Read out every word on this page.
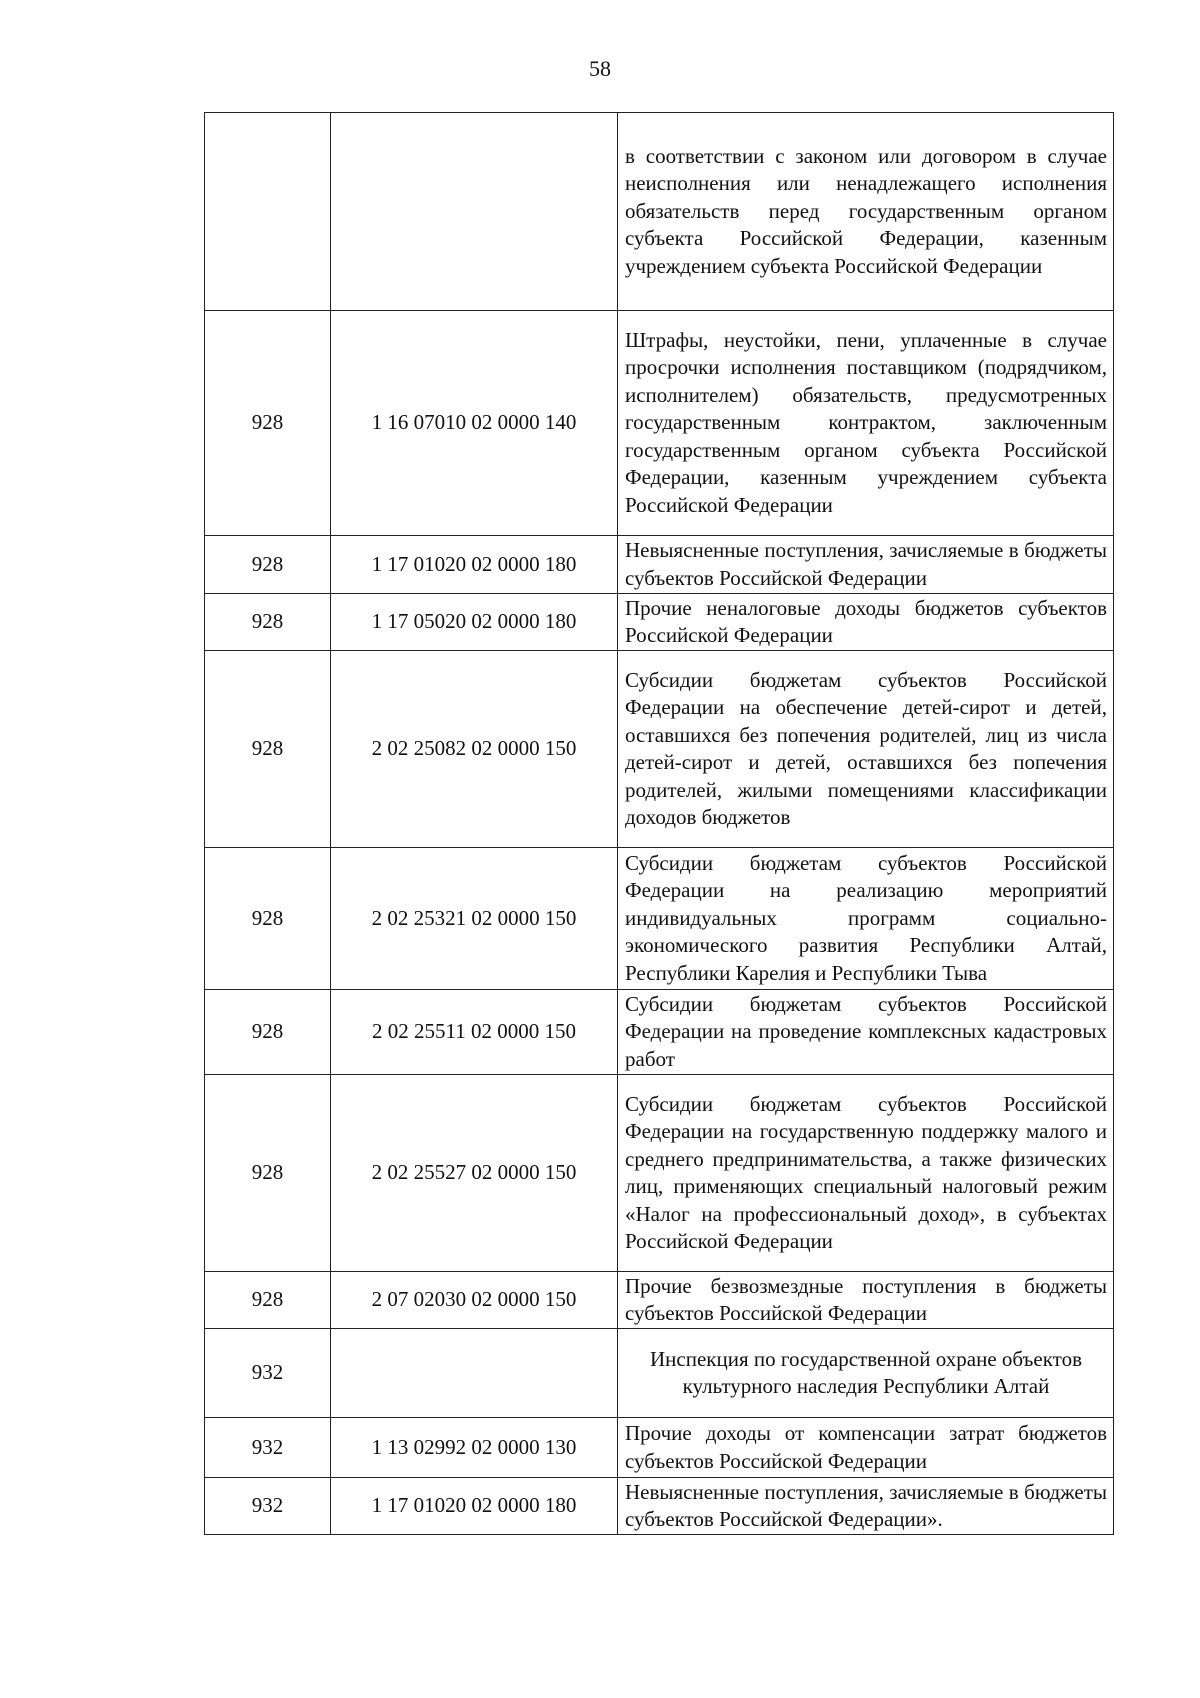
58
		в соответствии с законом или договором в случае неисполнения или ненадлежащего исполнения обязательств перед государственным органом субъекта Российской Федерации, казенным учреждением субъекта Российской Федерации
928	1 16 07010 02 0000 140	Штрафы, неустойки, пени, уплаченные в случае просрочки исполнения поставщиком (подрядчиком, исполнителем) обязательств, предусмотренных государственным контрактом, заключенным государственным органом субъекта Российской Федерации, казенным учреждением субъекта Российской Федерации
928	1 17 01020 02 0000 180	Невыясненные поступления, зачисляемые в бюджеты субъектов Российской Федерации
928	1 17 05020 02 0000 180	Прочие неналоговые доходы бюджетов субъектов Российской Федерации
928	2 02 25082 02 0000 150	Субсидии бюджетам субъектов Российской Федерации на обеспечение детей-сирот и детей, оставшихся без попечения родителей, лиц из числа детей-сирот и детей, оставшихся без попечения родителей, жилыми помещениями классификации доходов бюджетов
928	2 02 25321 02 0000 150	Субсидии бюджетам субъектов Российской Федерации на реализацию мероприятий индивидуальных программ социально-экономического развития Республики Алтай, Республики Карелия и Республики Тыва
928	2 02 25511 02 0000 150	Субсидии бюджетам субъектов Российской Федерации на проведение комплексных кадастровых работ
928	2 02 25527 02 0000 150	Субсидии бюджетам субъектов Российской Федерации на государственную поддержку малого и среднего предпринимательства, а также физических лиц, применяющих специальный налоговый режим «Налог на профессиональный доход», в субъектах Российской Федерации
928	2 07 02030 02 0000 150	Прочие безвозмездные поступления в бюджеты субъектов Российской Федерации
932		Инспекция по государственной охране объектов культурного наследия Республики Алтай
932	1 13 02992 02 0000 130	Прочие доходы от компенсации затрат бюджетов субъектов Российской Федерации
932	1 17 01020 02 0000 180	Невыясненные поступления, зачисляемые в бюджеты субъектов Российской Федерации».
